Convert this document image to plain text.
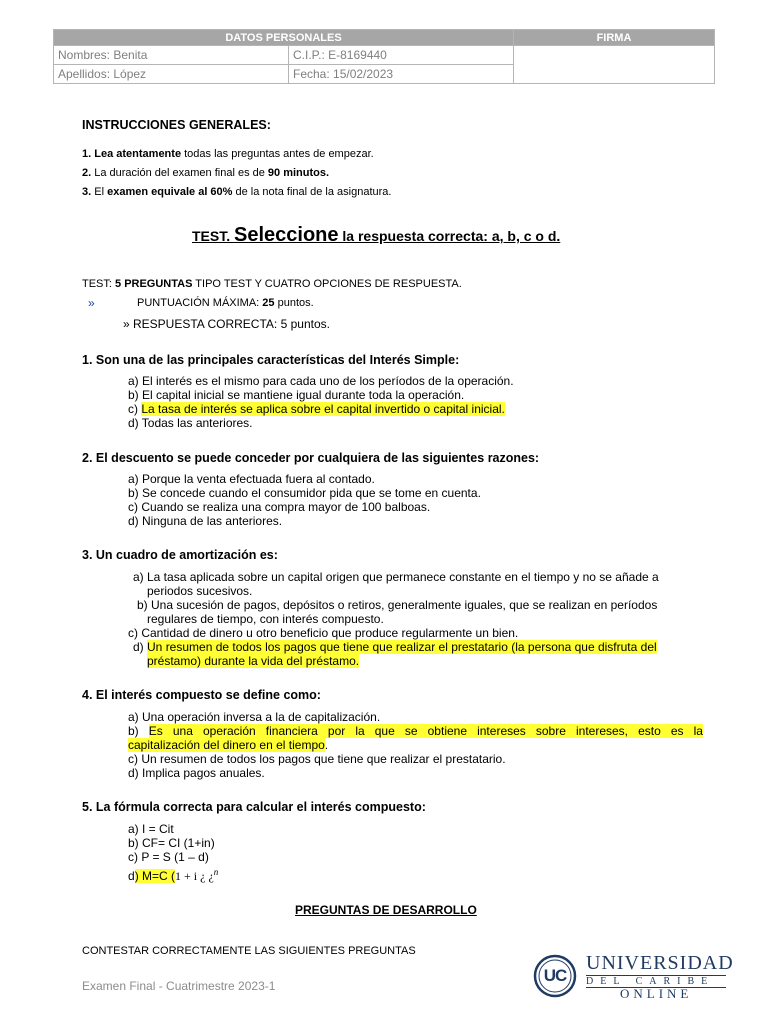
DATOS PERSONALES		FIRMA
Nombres: Benita	C.I.P.: E-8169440	
Apellidos: López	Fecha: 15/02/2023	
INSTRUCCIONES GENERALES:
1. Lea atentamente todas las preguntas antes de empezar.
2. La duración del examen final es de 90 minutos.
3. El examen equivale al 60% de la nota final de la asignatura.
TEST. Seleccione la respuesta correcta: a, b, c o d.
TEST: 5 PREGUNTAS TIPO TEST Y CUATRO OPCIONES DE RESPUESTA.
»	PUNTUACIÓN MÁXIMA: 25 puntos.
» RESPUESTA CORRECTA: 5 puntos.
1. Son una de las principales características del Interés Simple:
a) El interés es el mismo para cada uno de los períodos de la operación.
b) El capital inicial se mantiene igual durante toda la operación.
c) La tasa de interés se aplica sobre el capital invertido o capital inicial.
d) Todas las anteriores.
2. El descuento se puede conceder por cualquiera de las siguientes razones:
a) Porque la venta efectuada fuera al contado.
b) Se concede cuando el consumidor pida que se tome en cuenta.
c) Cuando se realiza una compra mayor de 100 balboas.
d) Ninguna de las anteriores.
3. Un cuadro de amortización es:
a) La tasa aplicada sobre un capital origen que permanece constante en el tiempo y no se añade a
periodos sucesivos.
b) Una sucesión de pagos, depósitos o retiros, generalmente iguales, que se realizan en períodos
regulares de tiempo, con interés compuesto.
c) Cantidad de dinero u otro beneficio que produce regularmente un bien.
d) Un resumen de todos los pagos que tiene que realizar el prestatario (la persona que disfruta del
préstamo) durante la vida del préstamo.
4. El interés compuesto se define como:
a) Una operación inversa a la de capitalización.
b) Es una operación financiera por la que se obtiene intereses sobre intereses, esto es la
capitalización del dinero en el tiempo.
c) Un resumen de todos los pagos que tiene que realizar el prestatario.
d) Implica pagos anuales.
5. La fórmula correcta para calcular el interés compuesto:
a) I = Cit
b) CF= CI (1+in)
c) P = S (1 – d)
d) M=C (1 + i ¿ ¿$^n$
PREGUNTAS DE DESARROLLO
CONTESTAR CORRECTAMENTE LAS SIGUIENTES PREGUNTAS
Examen Final - Cuatrimestre 2023-1
UC
UNIVERSIDAD
DEL CARIBE
ONLINE
